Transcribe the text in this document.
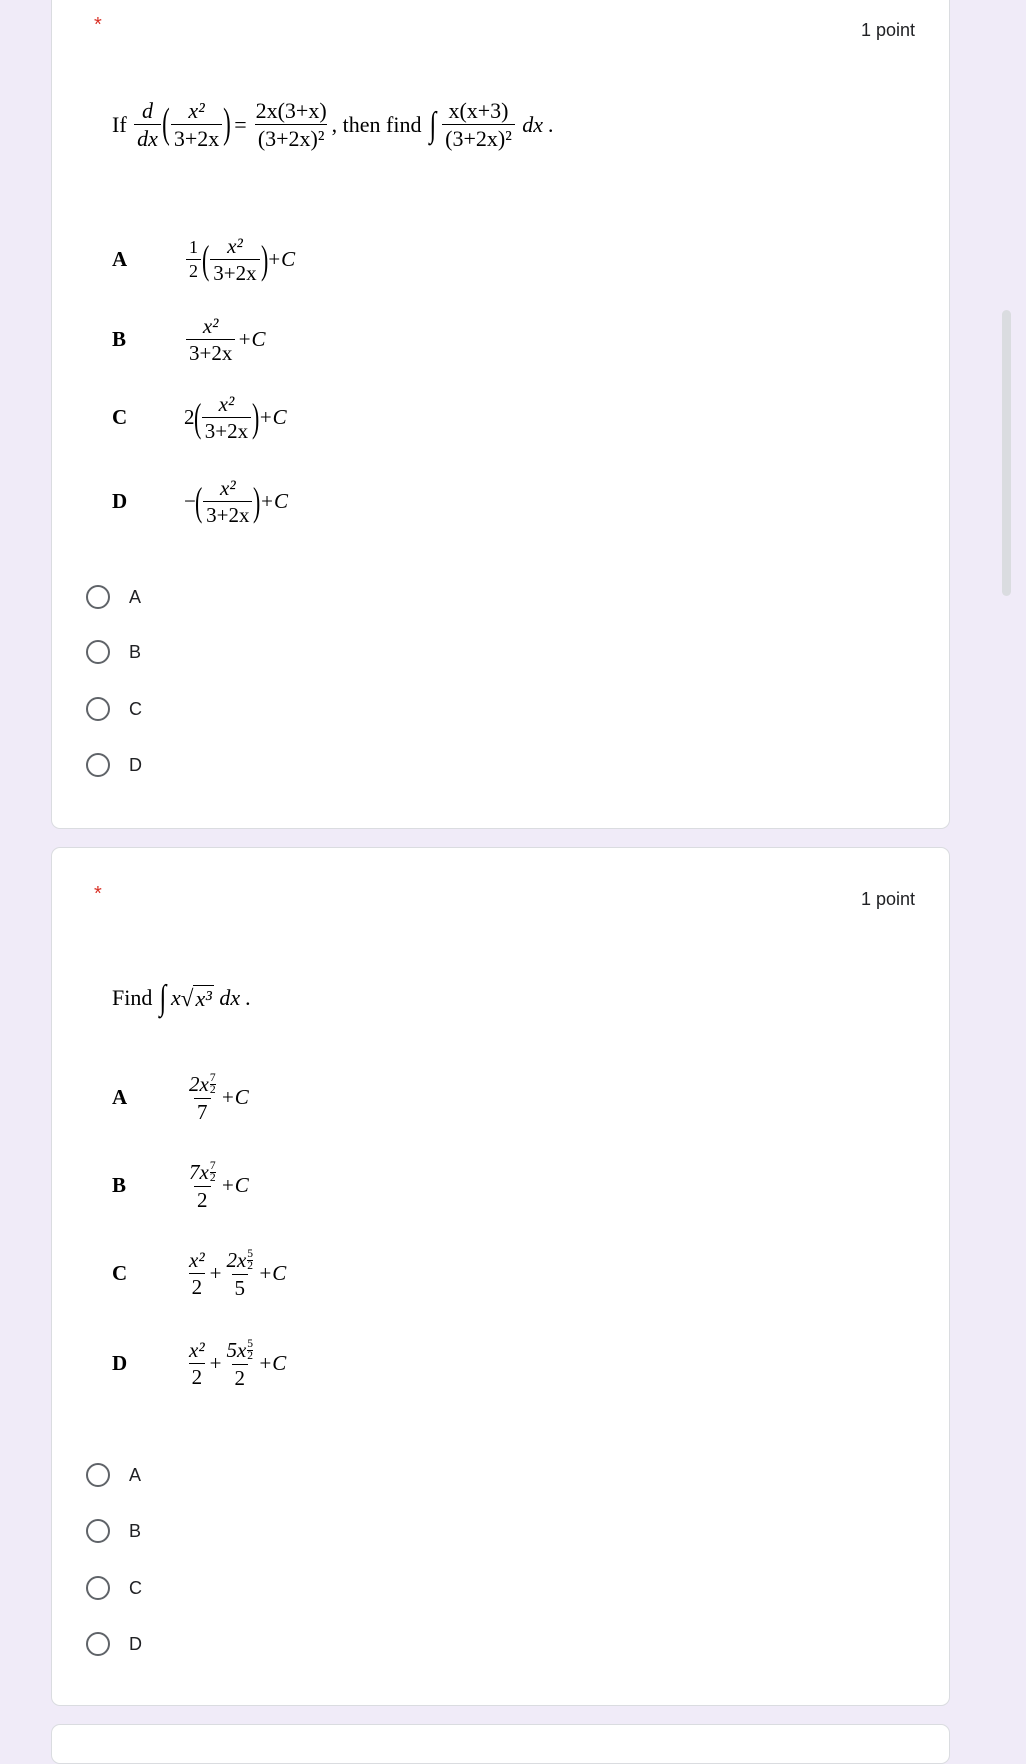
*	1 point
If
$\frac{d}{dx}$ ( $\frac{\text{x²}}{3+2x}$ ) = $\frac{2x(3+x)}{\text{(3+2x)²}}$ , then find ∫ $\frac{x(x+3)}{\text{(3+2x)²}}$
dx .
A	$\frac{1}{2}$ ( $\frac{\text{x²}}{3+2x}$ )
+C
B	$\frac{\text{x²}}{3+2x} +C$
C	2
( $\frac{\text{x²}}{3+2x}$ )
+C
D	−
( $\frac{\text{x²}}{3+2x}$ )
+C
A
B
C
D
*	1 point
Find ∫ x √ x³
dx .
A	$\frac{2x \frac{7}{2}}{7} +C$
B	$\frac{7x \frac{7}{2}}{2} +C$
C	$\frac{\text{x²}}{2} + \frac{2x \frac{5}{2}}{5} +C$
D	$\frac{\text{x²}}{2} + \frac{5x \frac{5}{2}}{2} +C$
A
B
C
D
